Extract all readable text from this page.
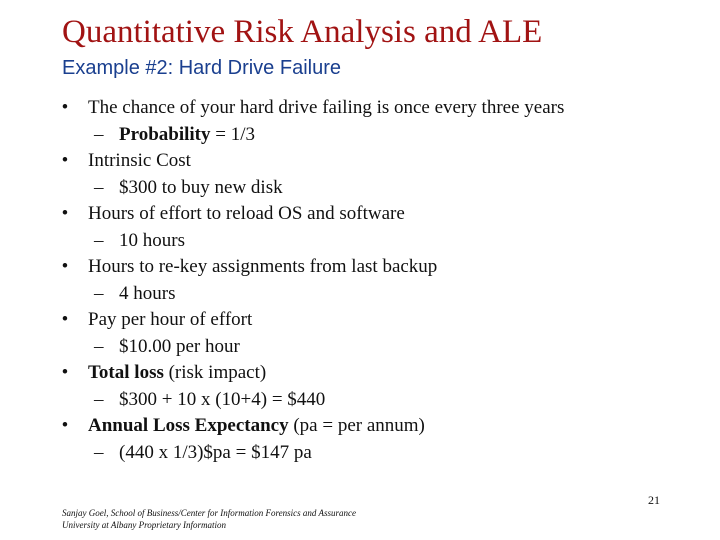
Quantitative Risk Analysis and ALE
Example #2: Hard Drive Failure
• The chance of your hard drive failing is once every three years
– Probability = 1/3
• Intrinsic Cost
– $300 to buy new disk
• Hours of effort to reload OS and software
– 10 hours
• Hours to re-key assignments from last backup
– 4 hours
• Pay per hour of effort
– $10.00 per hour
• Total loss (risk impact)
– $300 + 10 x (10+4) = $440
• Annual Loss Expectancy (pa = per annum)
– (440 x 1/3)$pa = $147 pa
Sanjay Goel, School of Business/Center for Information Forensics and Assurance
University at Albany Proprietary Information
21
